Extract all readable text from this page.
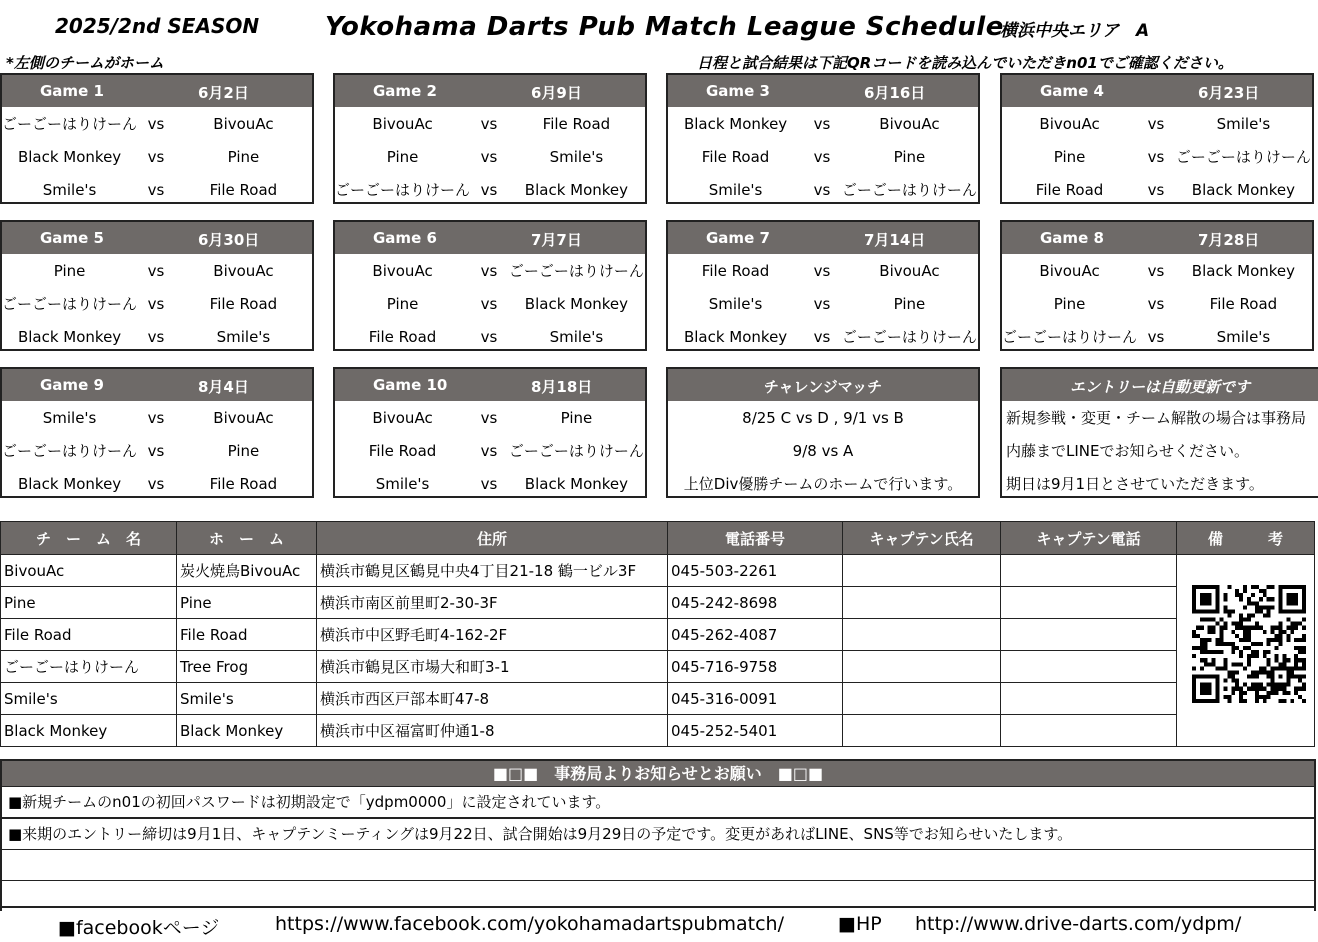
2025/2nd SEASON	Yokohama Darts Pub Match League Schedule
横浜中央エリア　A
*左側のチームがホーム	日程と試合結果は下記QRコードを読み込んでいただきn01でご確認ください。
Game 1	6月2日
ごーごーはりけーん vs	BivouAc
Black Monkey	vs	Pine
Smile's	vs	File Road
Game 2	6月9日
BivouAc	vs	File Road
Pine	vs	Smile's
ごーごーはりけーん vs	Black Monkey
Game 3	6月16日
Black Monkey	vs	BivouAc
File Road	vs	Pine
Smile's	vs ごーごーはりけーん
Game 4	6月23日
BivouAc	vs	Smile's
Pine	vs ごーごーはりけーん
File Road	vs	Black Monkey
Game 5	6月30日
Pine	vs	BivouAc
ごーごーはりけーん vs	File Road
Black Monkey	vs	Smile's
Game 6	7月7日
BivouAc	vs ごーごーはりけーん
Pine	vs	Black Monkey
File Road	vs	Smile's
Game 7	7月14日
File Road	vs	BivouAc
Smile's	vs	Pine
Black Monkey	vs ごーごーはりけーん
Game 8	7月28日
BivouAc	vs	Black Monkey
Pine	vs	File Road
ごーごーはりけーん vs	Smile's
Game 9	8月4日
Smile's	vs	BivouAc
ごーごーはりけーん vs	Pine
Black Monkey	vs	File Road
Game 10	8月18日
BivouAc	vs	Pine
File Road	vs ごーごーはりけーん
Smile's	vs	Black Monkey
チャレンジマッチ
8/25 C vs D , 9/1 vs B
9/8 vs A
上位Div優勝チームのホームで行います。
エントリーは自動更新です
新規参戦・変更・チーム解散の場合は事務局
内藤までLINEでお知らせください。
期日は9月1日とさせていただきます。
チ　ー　ム　名	ホ　ー　ム	住所	電話番号	キャプテン氏名	キャプテン電話	備　　　考
BivouAc	炭火焼鳥BivouAc	横浜市鶴見区鶴見中央4丁目21-18 鶴一ビル3F	045-503-2261			
Pine	Pine	横浜市南区前里町2-30-3F	045-242-8698			
File Road	File Road	横浜市中区野毛町4-162-2F	045-262-4087			
ごーごーはりけーん	Tree Frog	横浜市鶴見区市場大和町3-1	045-716-9758			
Smile's	Smile's	横浜市西区戸部本町47-8	045-316-0091			
Black Monkey	Black Monkey	横浜市中区福富町仲通1-8	045-252-5401			
■□■　事務局よりお知らせとお願い　■□■
■新規チームのn01の初回パスワードは初期設定で「ydpm0000」に設定されています。
■来期のエントリー締切は9月1日、キャプテンミーティングは9月22日、試合開始は9月29日の予定です。変更があればLINE、SNS等でお知らせいたします。
■facebookページ	https://www.facebook.com/yokohamadartspubmatch/	■HP http://www.drive-darts.com/ydpm/
